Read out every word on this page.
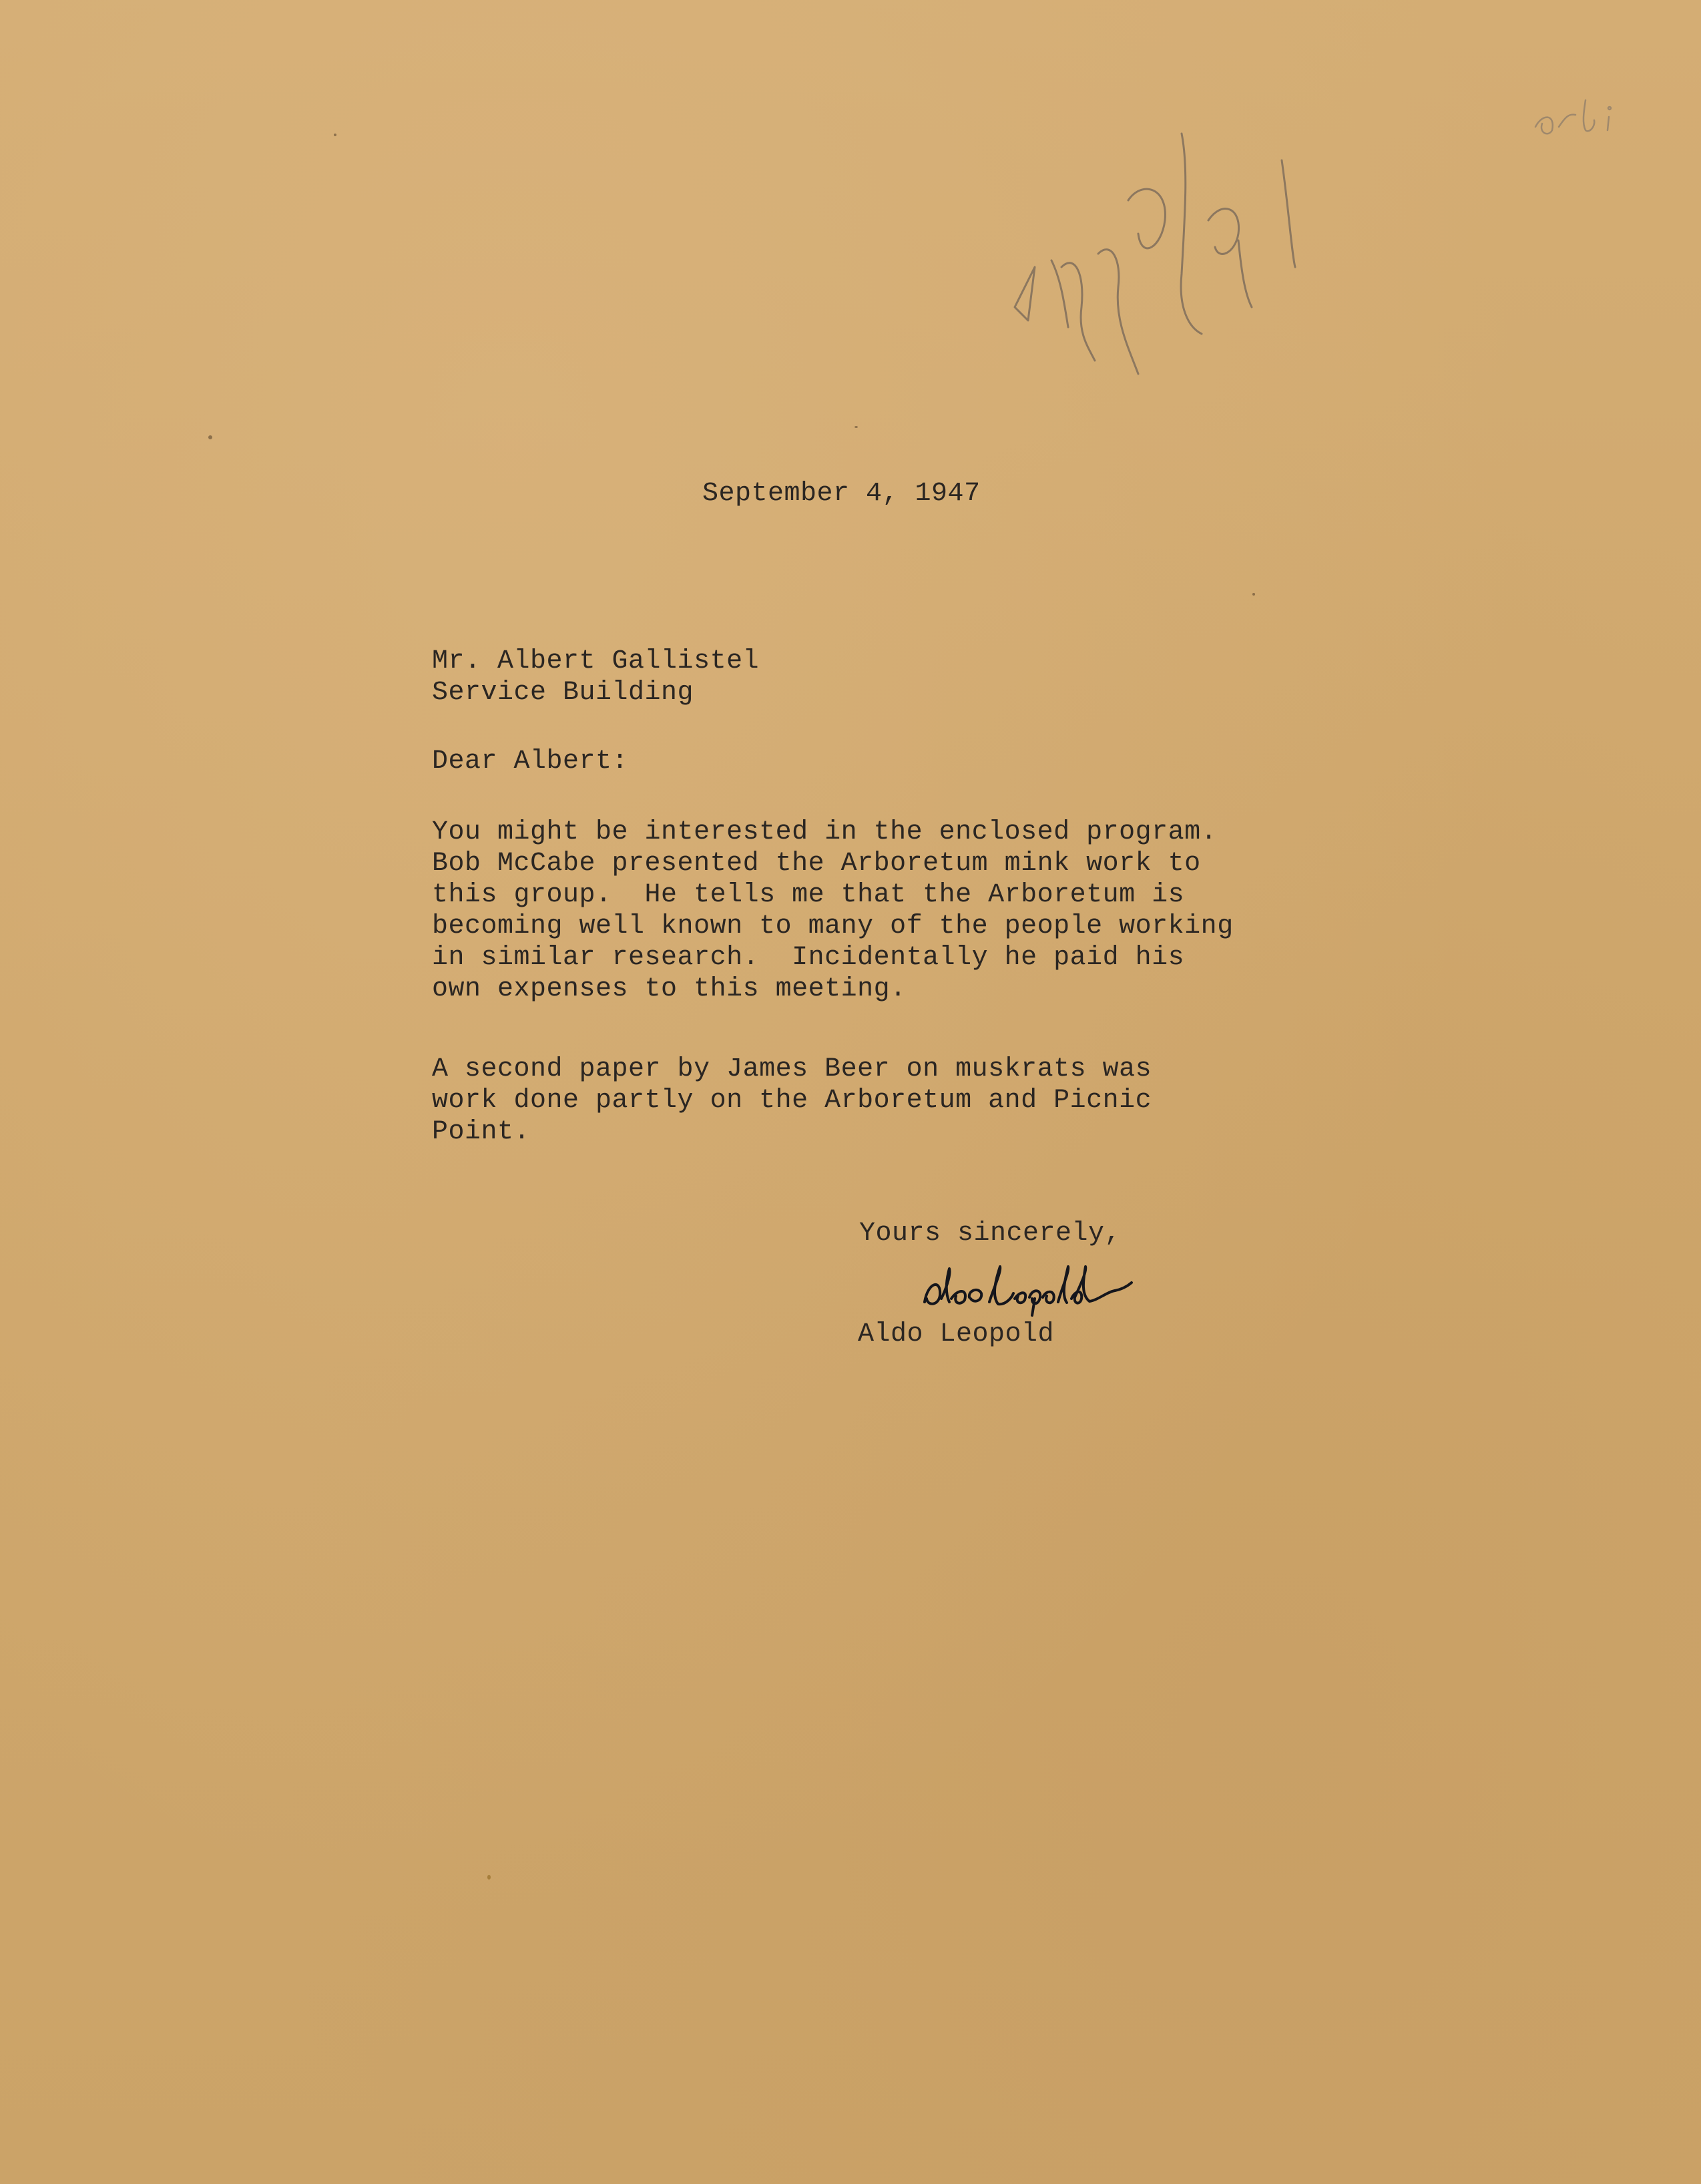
September 4, 1947

Mr. Albert Gallistel
Service Building

Dear Albert:

You might be interested in the enclosed program.
Bob McCabe presented the Arboretum mink work to
this group.  He tells me that the Arboretum is
becoming well known to many of the people working
in similar research.  Incidentally he paid his
own expenses to this meeting.
A second paper by James Beer on muskrats was
work done partly on the Arboretum and Picnic
Point.

Yours sincerely,

Aldo Leopold
